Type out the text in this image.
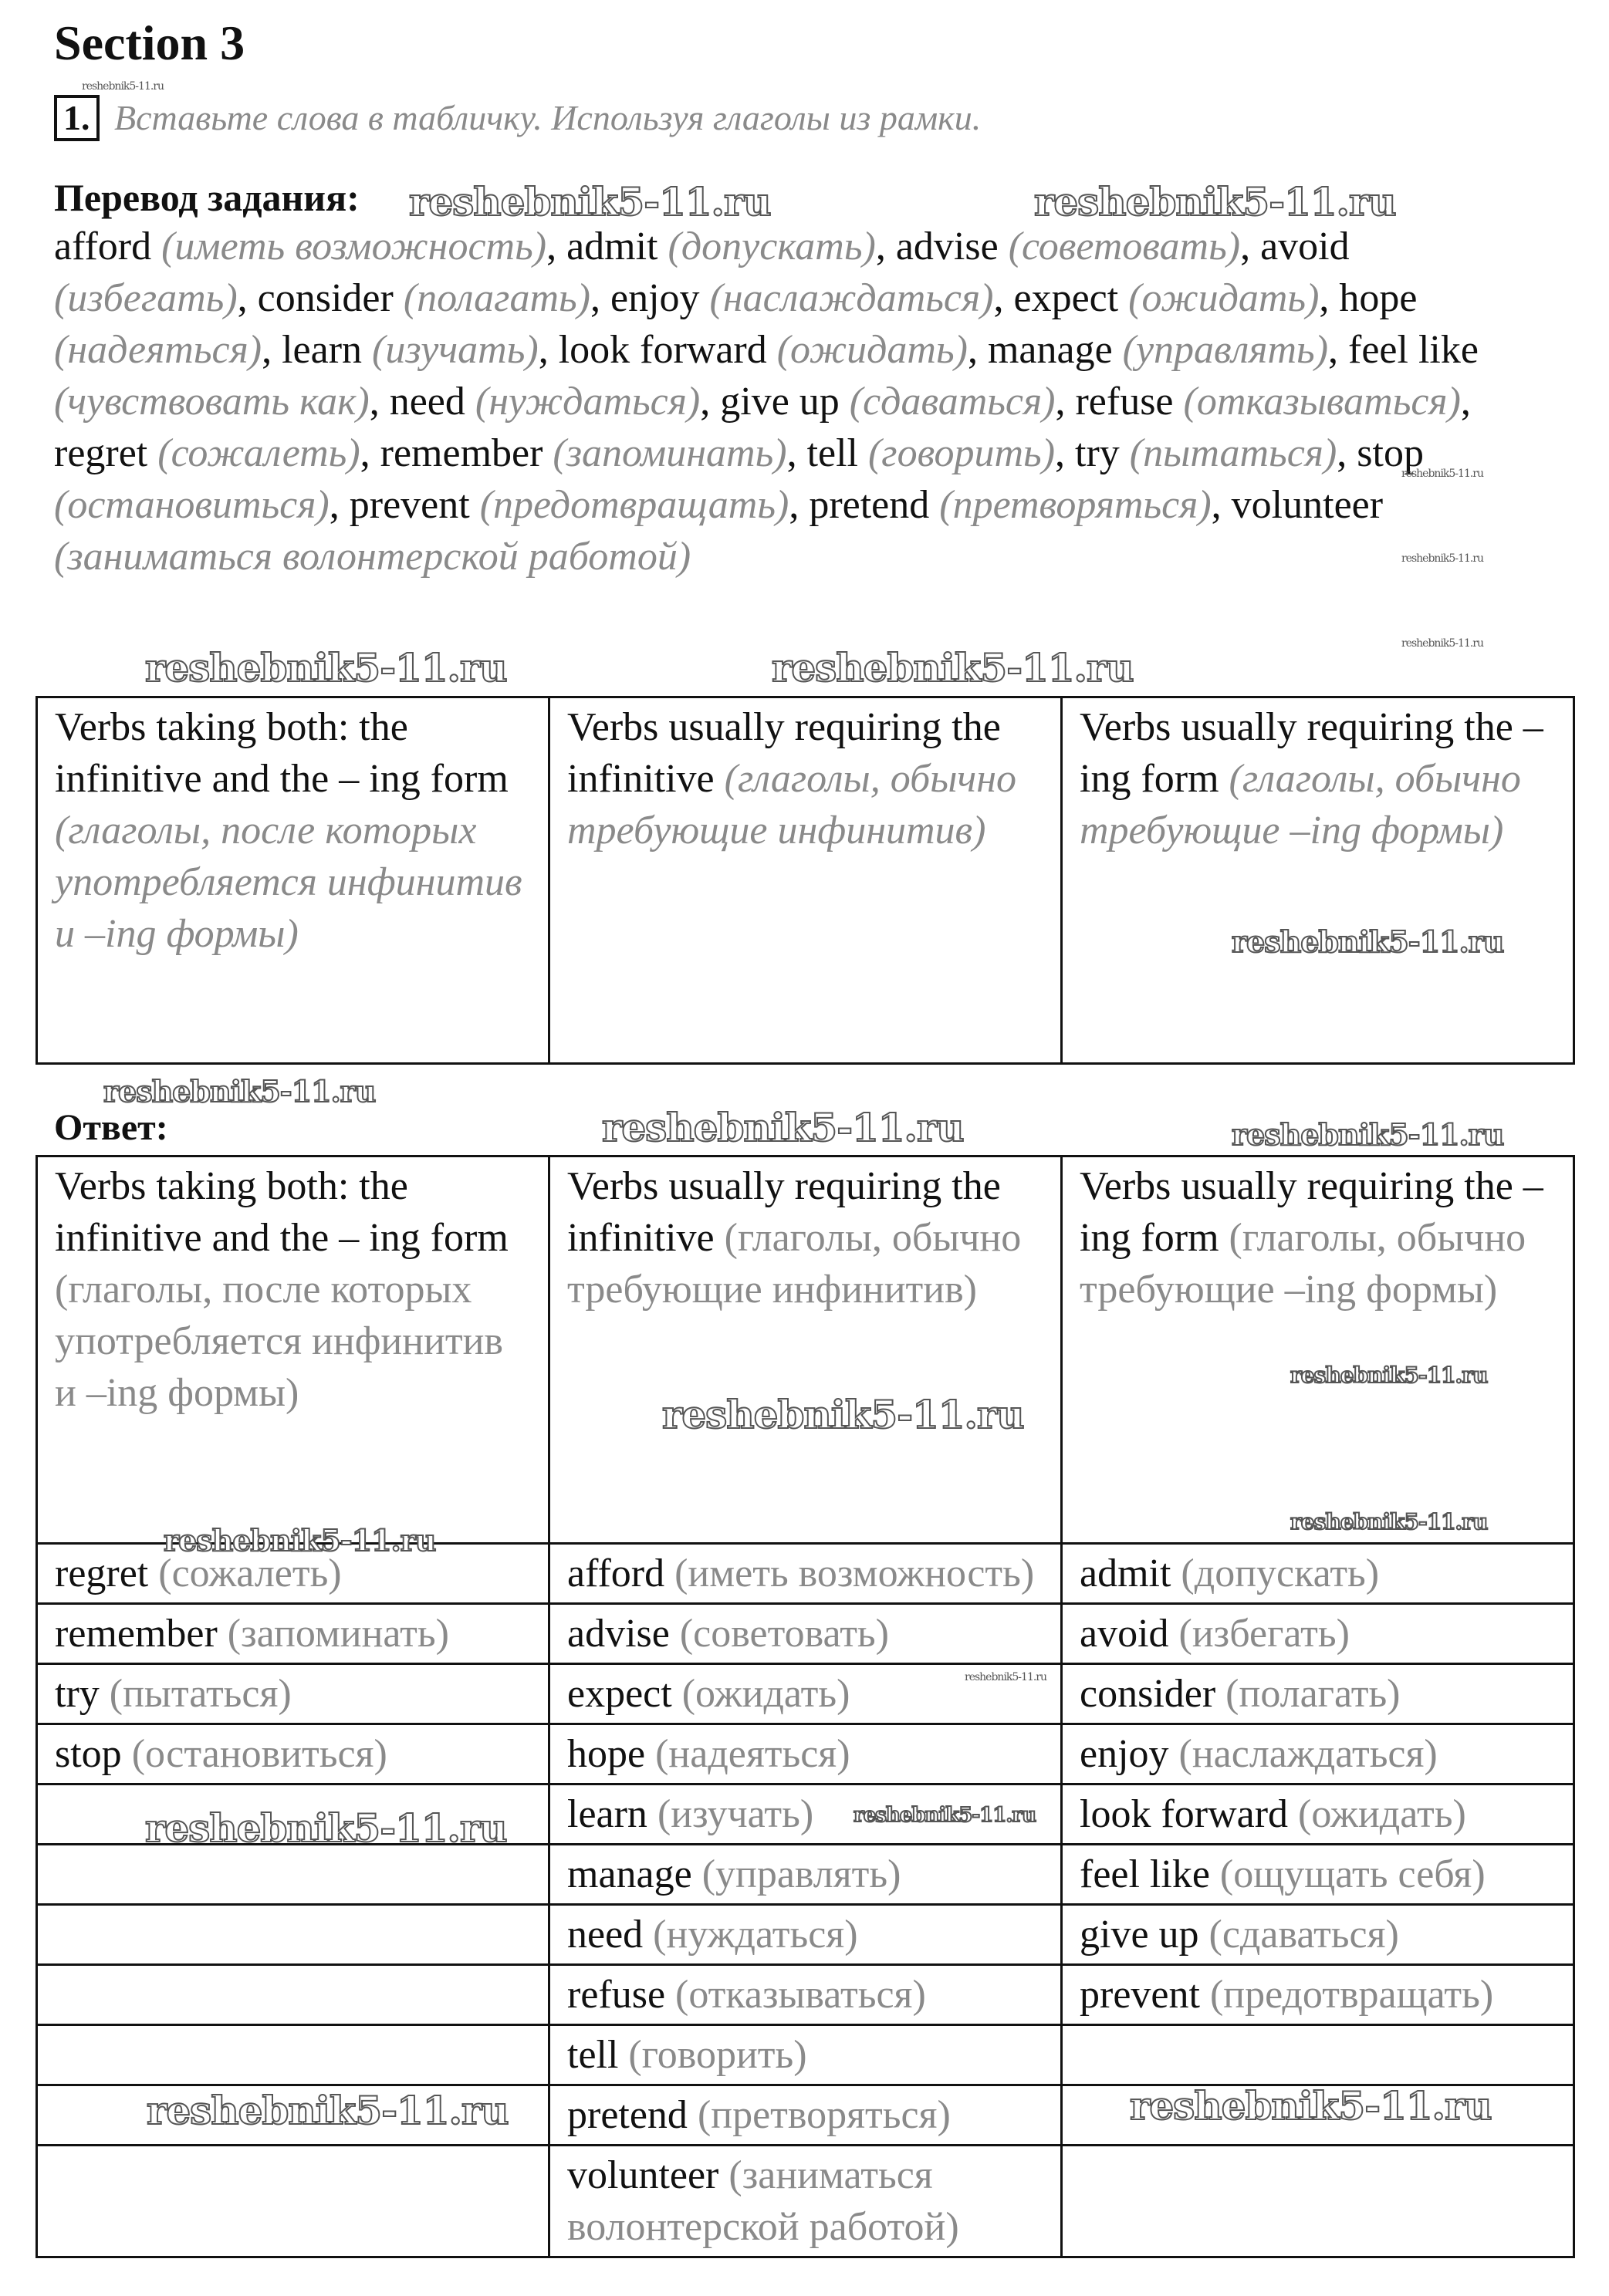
Section 3
1. Вставьте слова в табличку. Используя глаголы из рамки.
Перевод задания:
afford (иметь возможность), admit (допускать), advise (советовать), avoid (избегать), consider (полагать), enjoy (наслаждаться), expect (ожидать), hope (надеяться), learn (изучать), look forward (ожидать), manage (управлять), feel like (чувствовать как), need (нуждаться), give up (сдаваться), refuse (отказываться), regret (сожалеть), remember (запоминать), tell (говорить), try (пытаться), stop (остановиться), prevent (предотвращать), pretend (претворяться), volunteer (заниматься волонтерской работой)
Verbs taking both: the infinitive and the – ing form (глаголы, после которых употребляется инфинитив и –ing формы)	Verbs usually requiring the infinitive (глаголы, обычно требующие инфинитив)	Verbs usually requiring the –ing form (глаголы, обычно требующие –ing формы)
Ответ:
Verbs taking both: the infinitive and the – ing form (глаголы, после которых употребляется инфинитив и –ing формы)	Verbs usually requiring the infinitive (глаголы, обычно требующие инфинитив)	Verbs usually requiring the –ing form (глаголы, обычно требующие –ing формы)
regret (сожалеть)	afford (иметь возможность)	admit (допускать)
remember (запоминать)	advise (советовать)	avoid (избегать)
try (пытаться)	expect (ожидать)	consider (полагать)
stop (остановиться)	hope (надеяться)	enjoy (наслаждаться)
	learn (изучать)	look forward (ожидать)
	manage (управлять)	feel like (ощущать себя)
	need (нуждаться)	give up (сдаваться)
	refuse (отказываться)	prevent (предотвращать)
	tell (говорить)	
	pretend (претворяться)	
	volunteer (заниматься волонтерской работой)	
reshebnik5-11.ru	reshebnik5-11.ru
reshebnik5-11.ru	reshebnik5-11.ru
reshebnik5-11.ru
reshebnik5-11.ru
reshebnik5-11.ru	reshebnik5-11.ru
reshebnik5-11.ru
reshebnik5-11.ru
reshebnik5-11.ru
reshebnik5-11.ru
reshebnik5-11.ru	reshebnik5-11.ru
reshebnik5-11.ru
reshebnik5-11.ru
reshebnik5-11.ru
reshebnik5-11.ru
reshebnik5-11.ru
reshebnik5-11.ru
reshebnik5-11.ru
